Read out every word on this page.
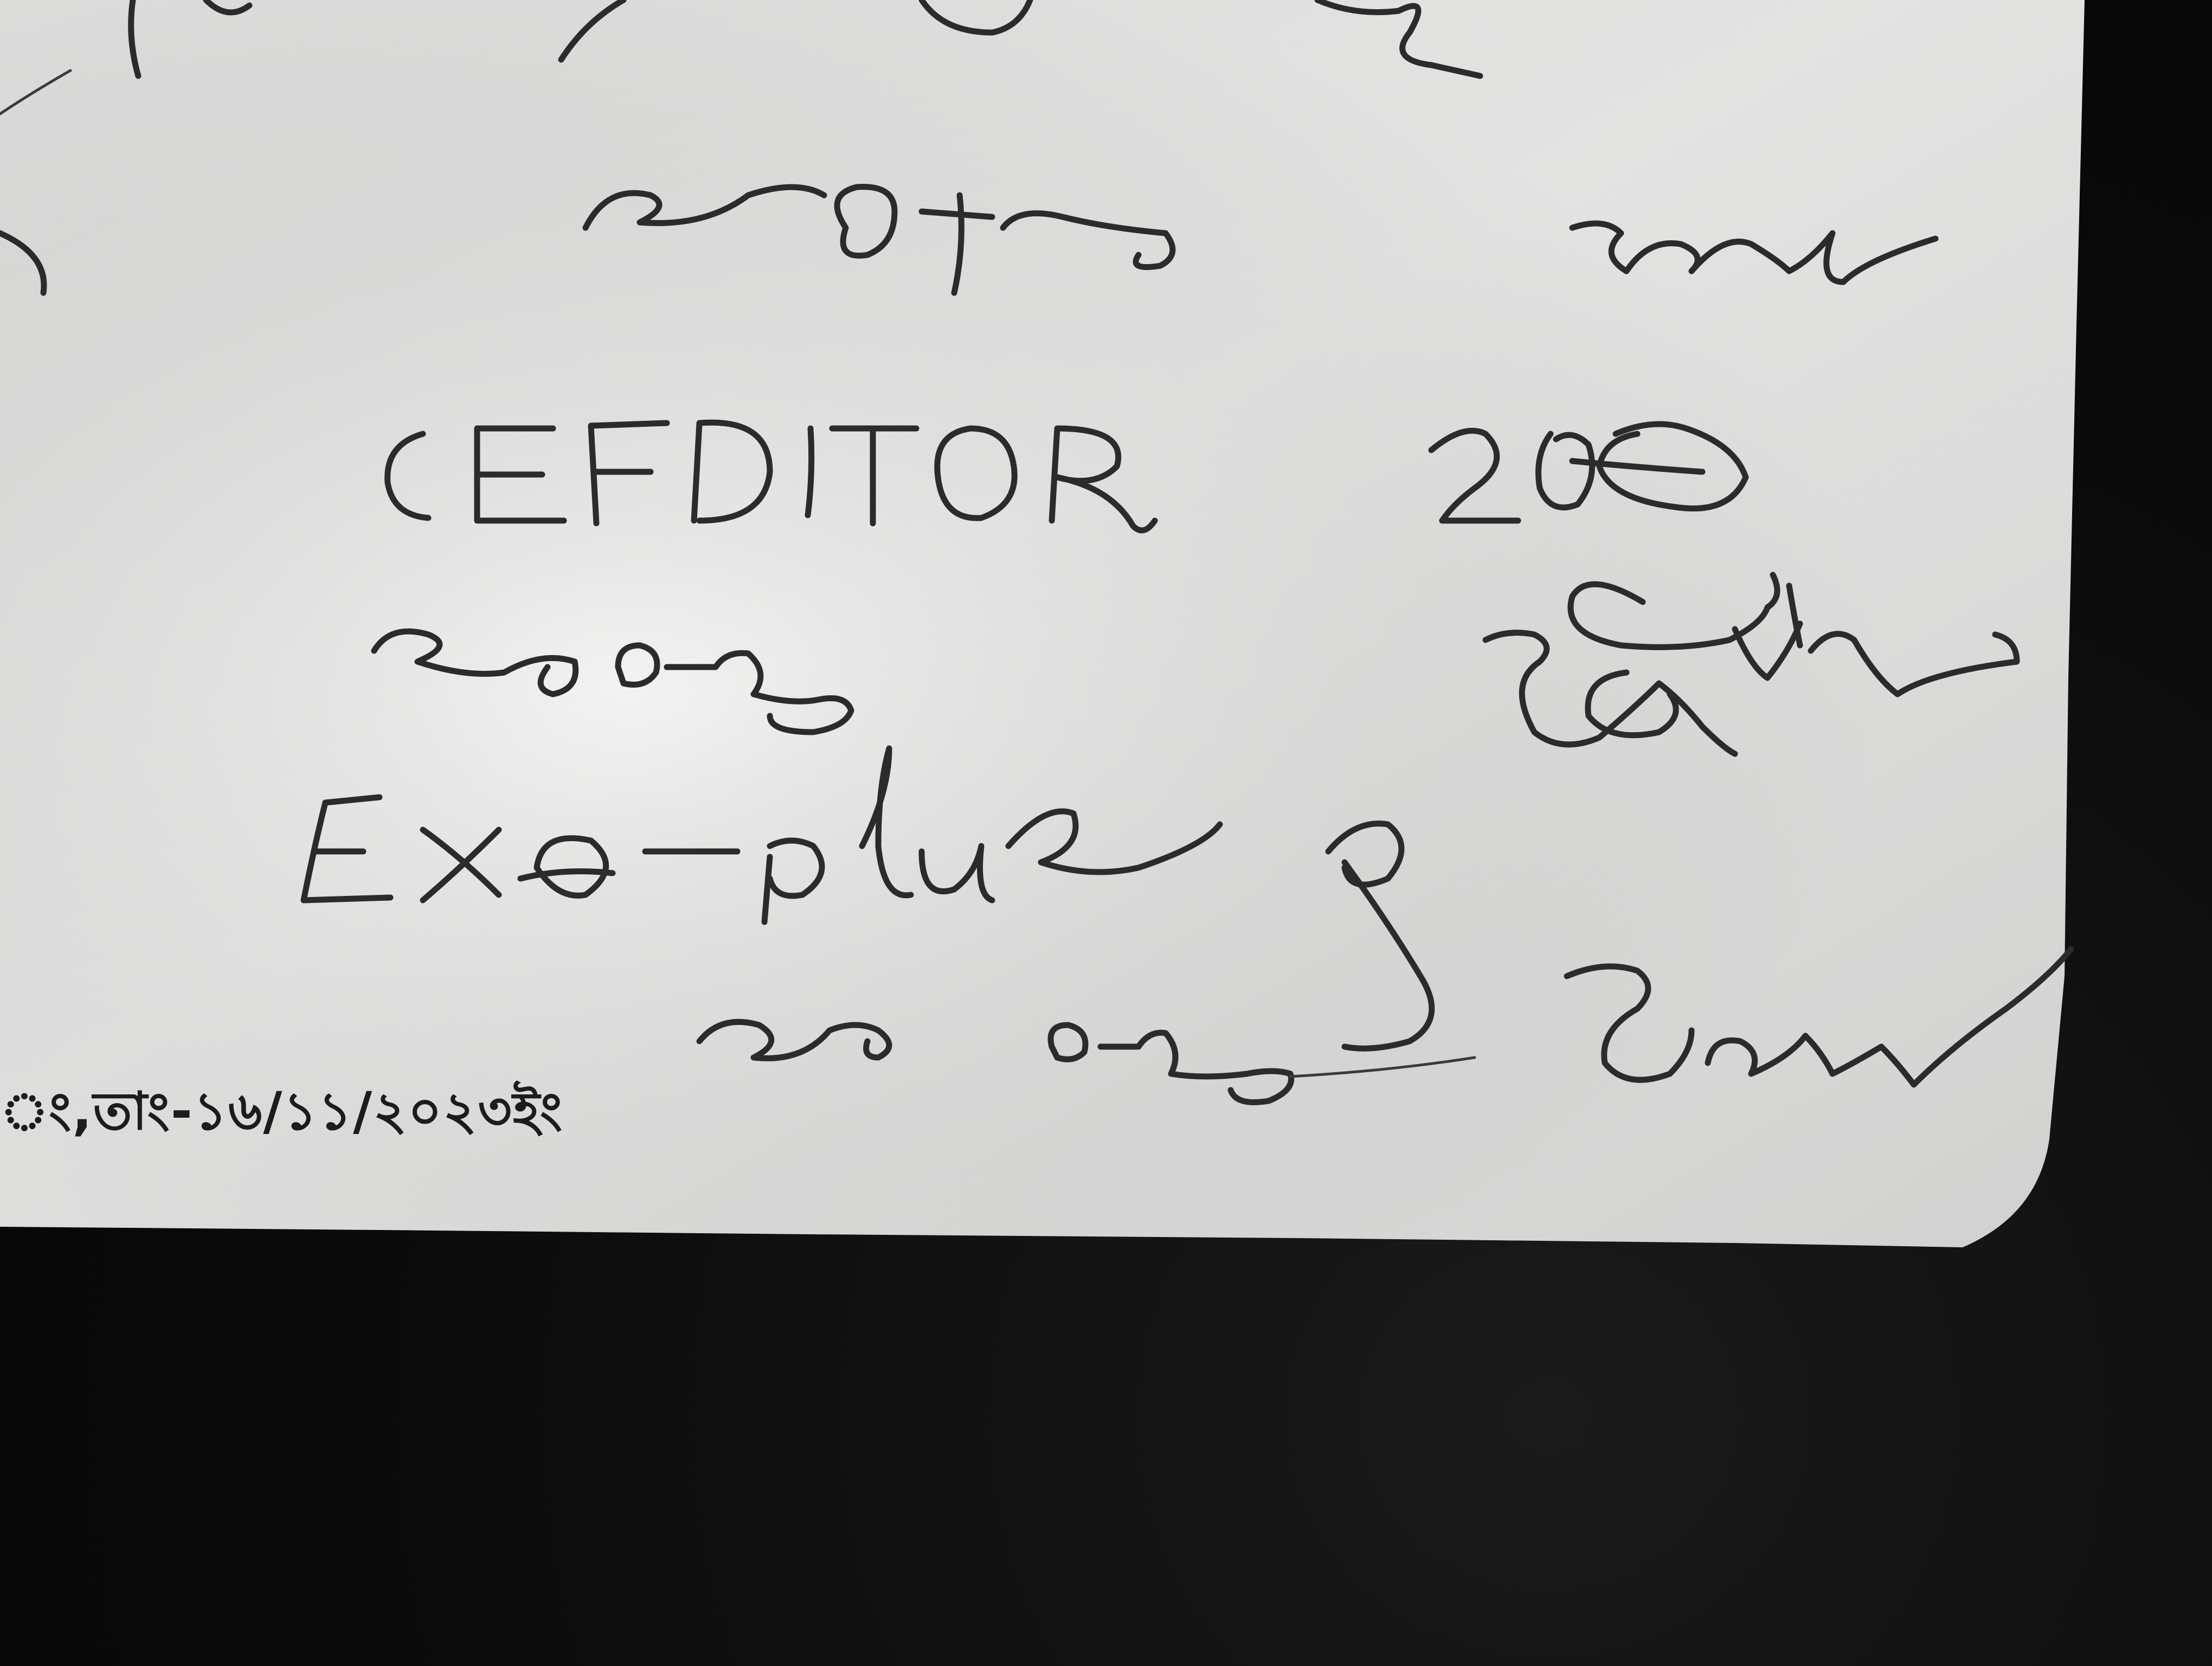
ং,তাং-১৬/১১/২০২৩ইং
